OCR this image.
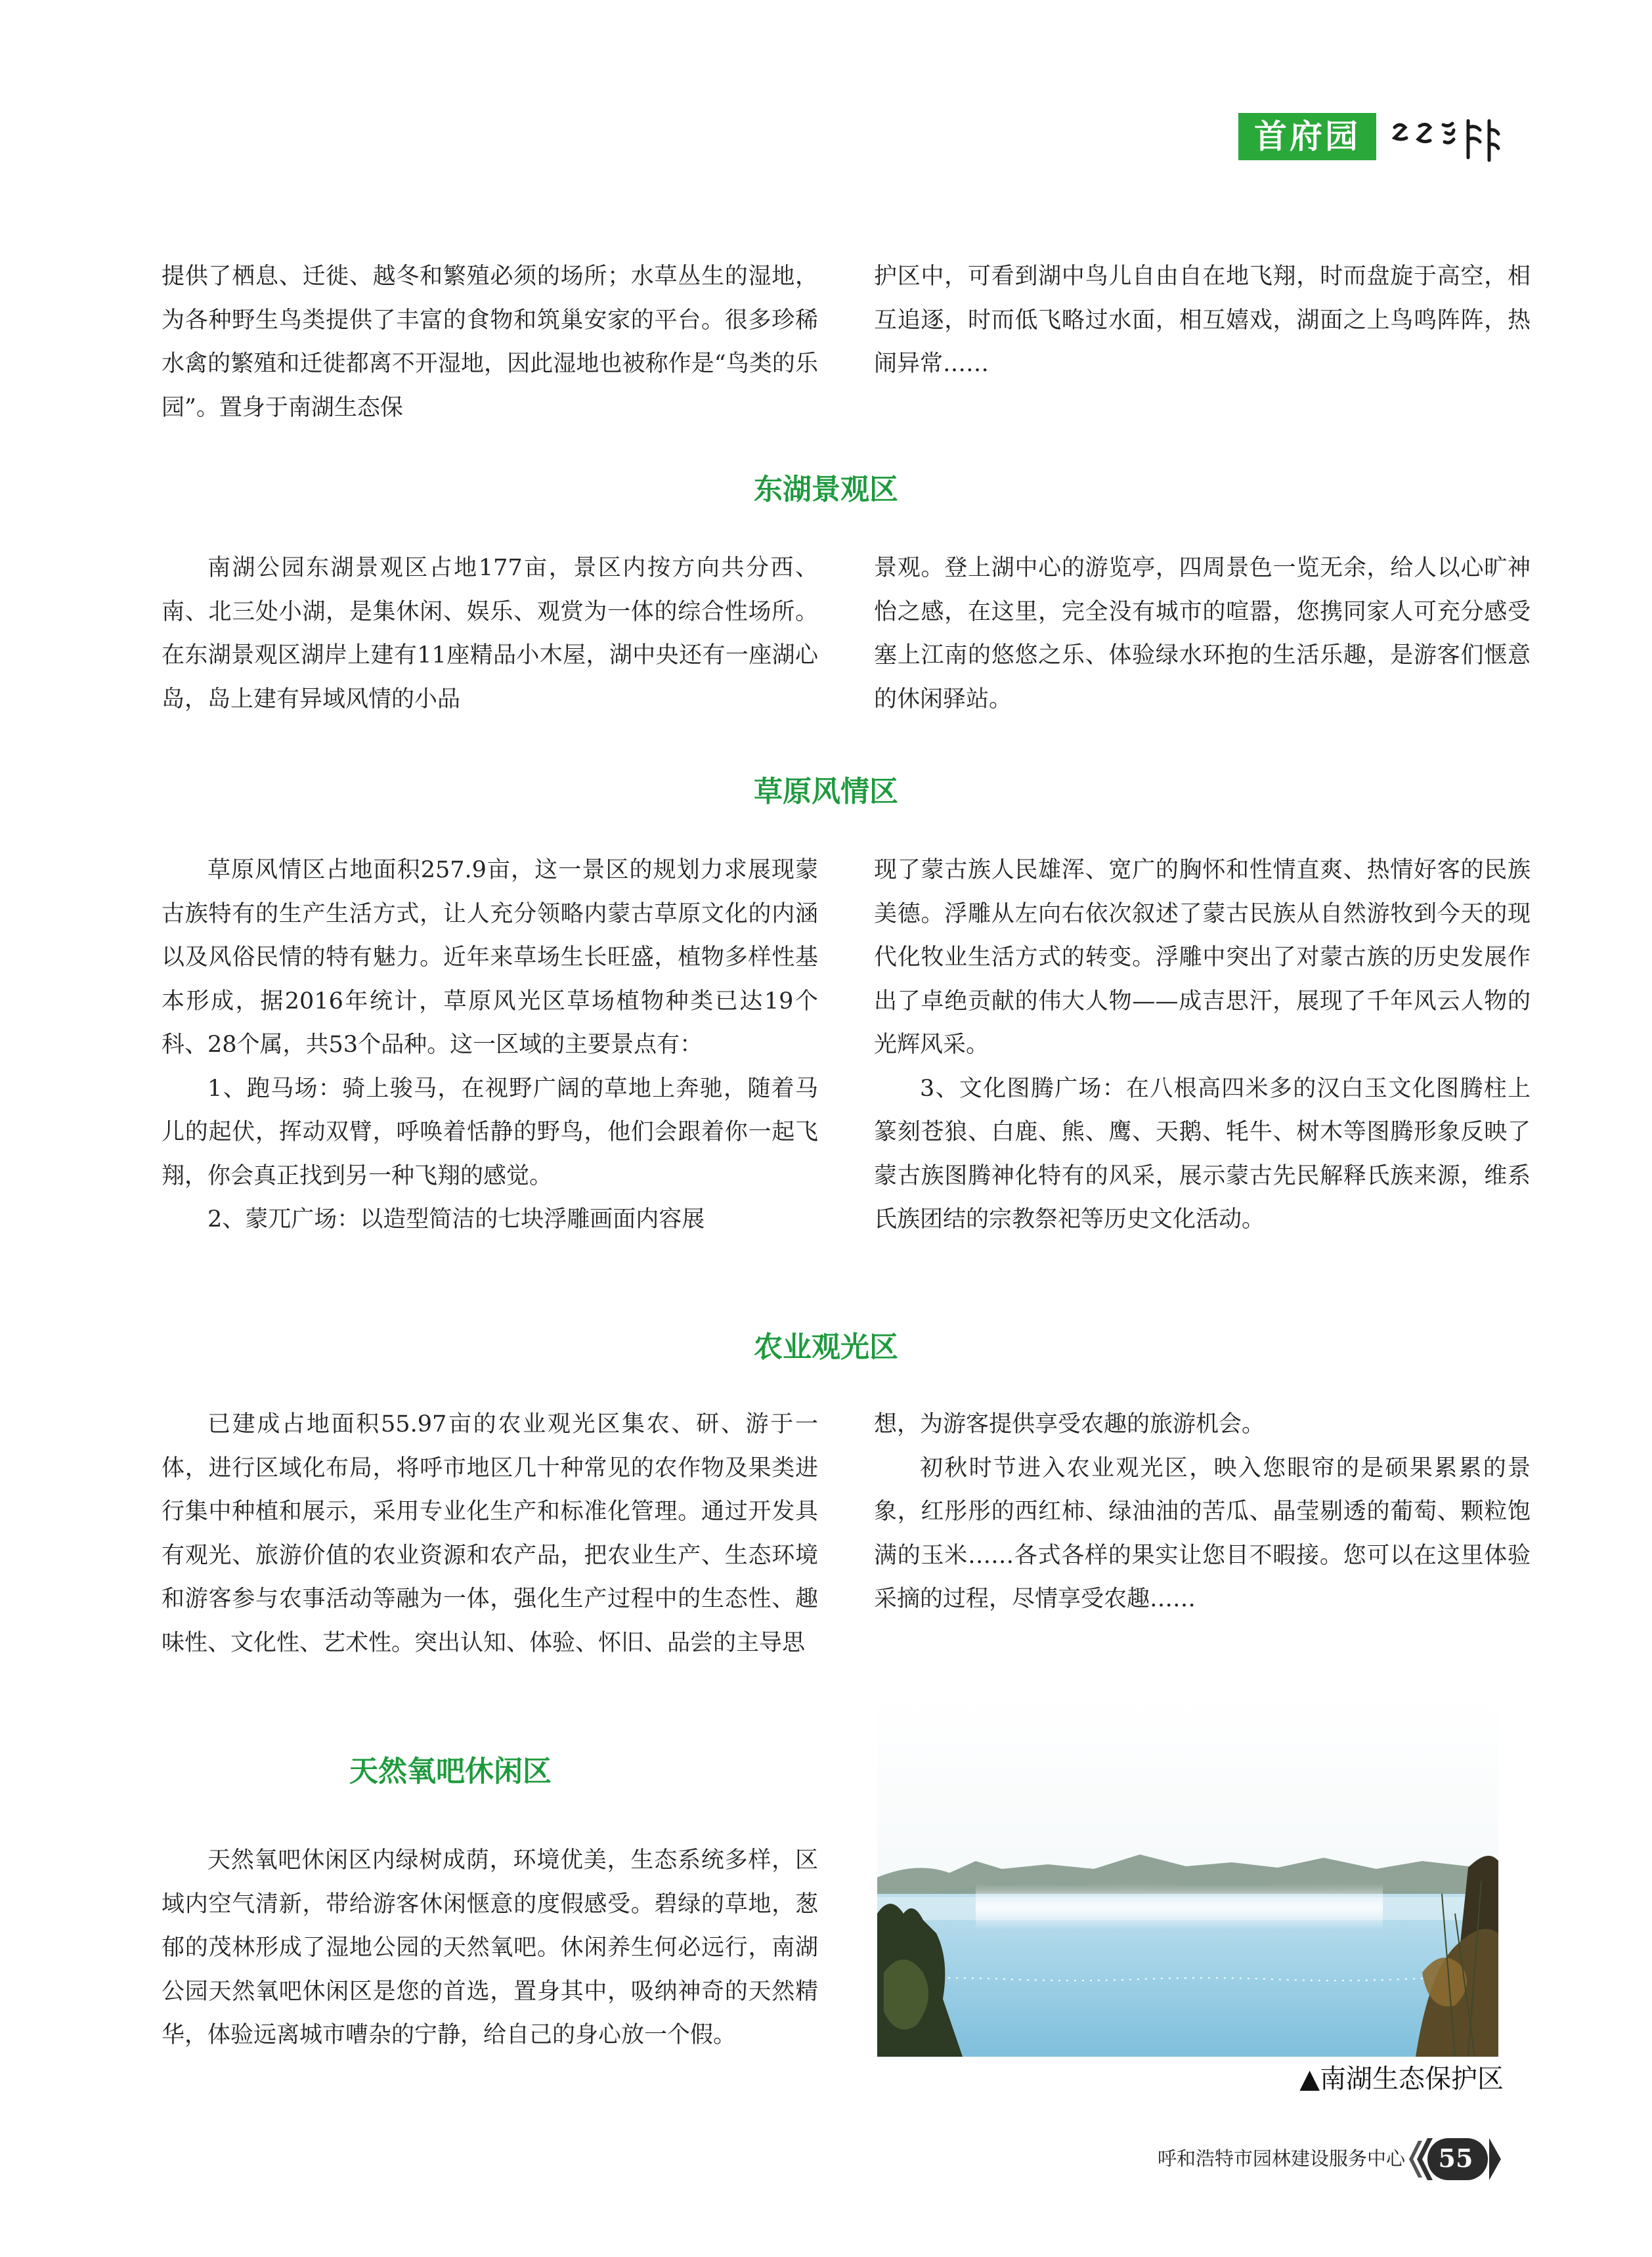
首府园林

提供了栖息、迁徙、越冬和繁殖必须的场所；水草丛生的湿地，为各种野生鸟类提供了丰富的食物和筑巢安家的平台。很多珍稀水禽的繁殖和迁徙都离不开湿地，因此湿地也被称作是“鸟类的乐园”。置身于南湖生态保

护区中，可看到湖中鸟儿自由自在地飞翔，时而盘旋于高空，相互追逐，时而低飞略过水面，相互嬉戏，湖面之上鸟鸣阵阵，热闹异常……

东湖景观区

南湖公园东湖景观区占地177亩，景区内按方向共分西、南、北三处小湖，是集休闲、娱乐、观赏为一体的综合性场所。在东湖景观区湖岸上建有11座精品小木屋，湖中央还有一座湖心岛，岛上建有异域风情的小品

景观。登上湖中心的游览亭，四周景色一览无余，给人以心旷神怡之感，在这里，完全没有城市的喧嚣，您携同家人可充分感受塞上江南的悠悠之乐、体验绿水环抱的生活乐趣，是游客们惬意的休闲驿站。

草原风情区

草原风情区占地面积257.9亩，这一景区的规划力求展现蒙古族特有的生产生活方式，让人充分领略内蒙古草原文化的内涵以及风俗民情的特有魅力。近年来草场生长旺盛，植物多样性基本形成，据2016年统计，草原风光区草场植物种类已达19个科、28个属，共53个品种。这一区域的主要景点有：

1、跑马场：骑上骏马，在视野广阔的草地上奔驰，随着马儿的起伏，挥动双臂，呼唤着恬静的野鸟，他们会跟着你一起飞翔，你会真正找到另一种飞翔的感觉。

2、蒙兀广场：以造型简洁的七块浮雕画面内容展

现了蒙古族人民雄浑、宽广的胸怀和性情直爽、热情好客的民族美德。浮雕从左向右依次叙述了蒙古民族从自然游牧到今天的现代化牧业生活方式的转变。浮雕中突出了对蒙古族的历史发展作出了卓绝贡献的伟大人物——成吉思汗，展现了千年风云人物的光辉风采。

3、文化图腾广场：在八根高四米多的汉白玉文化图腾柱上篆刻苍狼、白鹿、熊、鹰、天鹅、牦牛、树木等图腾形象反映了蒙古族图腾神化特有的风采，展示蒙古先民解释氏族来源，维系氏族团结的宗教祭祀等历史文化活动。

农业观光区

已建成占地面积55.97亩的农业观光区集农、研、游于一体，进行区域化布局，将呼市地区几十种常见的农作物及果类进行集中种植和展示，采用专业化生产和标准化管理。通过开发具有观光、旅游价值的农业资源和农产品，把农业生产、生态环境和游客参与农事活动等融为一体，强化生产过程中的生态性、趣味性、文化性、艺术性。突出认知、体验、怀旧、品尝的主导思

想，为游客提供享受农趣的旅游机会。

初秋时节进入农业观光区，映入您眼帘的是硕果累累的景象，红彤彤的西红柿、绿油油的苦瓜、晶莹剔透的葡萄、颗粒饱满的玉米……各式各样的果实让您目不暇接。您可以在这里体验采摘的过程，尽情享受农趣……

天然氧吧休闲区

天然氧吧休闲区内绿树成荫，环境优美，生态系统多样，区域内空气清新，带给游客休闲惬意的度假感受。碧绿的草地，葱郁的茂林形成了湿地公园的天然氧吧。休闲养生何必远行，南湖公园天然氧吧休闲区是您的首选，置身其中，吸纳神奇的天然精华，体验远离城市嘈杂的宁静，给自己的身心放一个假。

▲南湖生态保护区
呼和浩特市园林建设服务中心	55
